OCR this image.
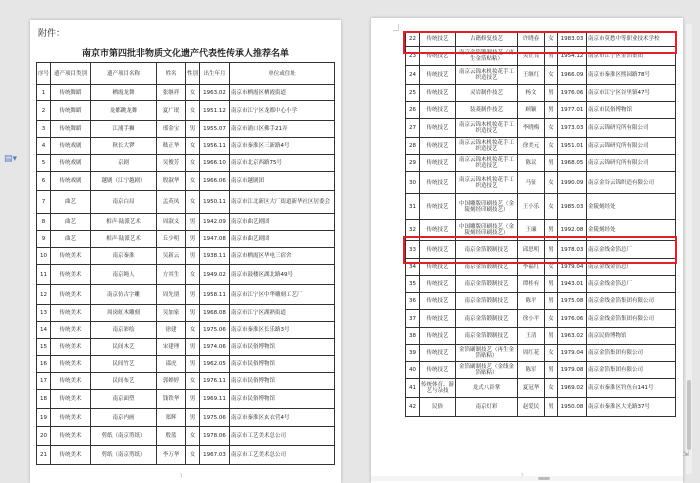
▤▾
附件：
南京市第四批非物质文化遗产代表性传承人推荐名单
序号	遗产项目类别	遗产项目名称	姓名	性别	出生年月	单位或住址
1	传统舞蹈	栖霞龙舞	张继祥	女	1963.02	南京市栖霞区栖霞街道
2	传统舞蹈	龙都跳龙舞	夏广珉	女	1951.12	南京市江宁区龙都中心小学
3	传统舞蹈	江浦手狮	邢金宝	男	1955.07	南京市浦口区佛手21弄
4	传统戏剧	秋长大锣	嵇正华	女	1956.11	南京市秦淮区三新路4号
5	传统戏剧	京剧	吴俊芳	女	1966.10	南京市北京西路75号
6	传统戏剧	越剧（江宁越剧）	殷淑华	女	1966.06	南京市越剧团
7	曲艺	南京白局	孟英凤	女	1950.11	南京市江北新区大厂街道新华社区居委会
8	曲艺	相声·陆派艺术	周淑义	男	1942.09	南京市曲艺剧团
9	曲艺	相声·陆派艺术	丘少明	男	1947.08	南京市曲艺剧团
10	传统美术	南京秦淮	吴新云	男	1938.11	南京市栖霞区华电三宿舍
11	传统美术	南京绳人	方其生	女	1949.02	南京市鼓楼区湖北路49号
12	传统美术	南京仿古字雕	周先朋	男	1958.11	南京市江宁区中华雕刻工艺厂
13	传统美术	周岗虹木雕刻	吴加家	男	1968.08	南京市江宁区湖熟街道
14	传统美术	南京彩绘	徐建	女	1975.06	南京市秦淮区长乐路3号
15	传统美术	民间木艺	宋建理	男	1974.06	南京市民俗博物馆
16	传统美术	民间竹艺	邵虎	男	1962.05	南京市民俗博物馆
17	传统美术	民间布艺	郭婵婷	女	1976.11	南京市民俗博物馆
18	传统美术	南京面塑	钱铁华	男	1969.11	南京市民俗博物馆
19	传统美术	南京内画	郑辉	男	1975.06	南京市秦淮区玄衣营4号
20	传统美术	剪纸（南京剪纸）	殷蓝	女	1978.06	南京市工艺美术总公司
21	传统美术	剪纸（南京剪纸）	李万华	女	1967.03	南京市工艺美术总公司
1
22	传统技艺	古籍修复技艺	许晓春	女	1983.03	南京市莫愁中等职业技术学校
23	传统技艺	南京金箔锻制技艺（再生金箔贴粘）	吴正良	男	1954.12	南京市江宁区金箔集团
24	传统技艺	南京云锦木机妆花手工织造技艺	王继红	女	1966.09	南京市秦淮区熙园路78号
25	传统技艺	灵岩制作技艺	杨文	男	1976.06	南京市江宁区谷里镇47号
26	传统技艺	装菱制作技艺	顾颖	男	1977.01	南京市民俗博物馆
27	传统技艺	南京云锦木机妆花手工织造技艺	李晓梅	女	1973.03	南京云锦研究所有限公司
28	传统技艺	南京云锦木机妆花手工织造技艺	徐美元	女	1951.01	南京云锦研究所有限公司
29	传统技艺	南京云锦木机妆花手工织造技艺	陈议	男	1968.05	南京云锦研究所有限公司
30	传统技艺	南京云锦木机妆花手工织造技艺	马征	女	1990.09	南京金谷云锦织造有限公司
31	传统技艺	中国雕版印刷技艺（金陵刻经印刷技艺）	王小乐	女	1985.03	金陵刻经处
32	传统技艺	中国雕版印刷技艺（金陵刻经印刷技艺）	王廉	男	1992.08	金陵刻经处
33	传统技艺	南京金箔锻制技艺	邱思明	男	1978.03	南京金线金箔总厂
34	传统技艺	南京金箔锻制技艺	李福红	女	1979.04	南京金线金箔总厂
35	传统技艺	南京金箔锻制技艺	谭桂有	男	1943.01	南京金线金箔总厂
36	传统技艺	南京金箔锻制技艺	陈平	男	1975.08	南京金线金箔集团有限公司
37	传统技艺	南京金箔锻制技艺	徐小平	女	1976.06	南京金线金箔集团有限公司
38	传统技艺	南京金箔锻制技艺	王清	男	1963.02	南京民俗博物馆
39	传统技艺	金箔刷制技艺（再生金箔贴粘）	周红花	女	1979.04	南京金箔集团有限公司
40	传统技艺	金箔刷制技艺（金线金箔贴粘）	陈军	男	1979.08	南京金箔集团有限公司
41	传统体育、游艺与杂技	龙式八卦掌	夏冠华	女	1969.02	南京市秦淮区钓鱼台141号
42	民俗	南京灯彩	赵爱民	男	1950.08	南京市秦淮区大光路37号
⇲
